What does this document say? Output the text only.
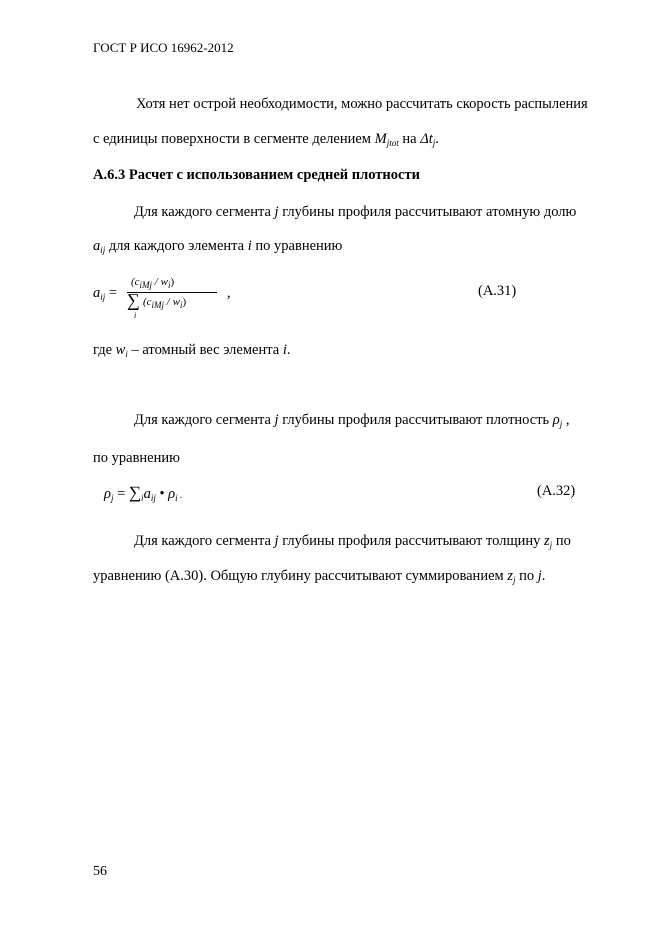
ГОСТ Р ИСО 16962-2012
Хотя нет острой необходимости, можно рассчитать скорость распыления
с единицы поверхности в сегменте делением $M_{jtot}$ на $\Delta t_j$.
А.6.3 Расчет с использованием средней плотности
Для каждого сегмента j глубины профиля рассчитывают атомную долю
$a_{ij}$ для каждого элемента i по уравнению
$a_{ij}$ =
$(c_{iMj} / w_i)$
∑
i
$(c_{iMj} / w_i)$
,	(А.31)
где $w_i$ – атомный вес элемента i.
Для каждого сегмента j глубины профиля рассчитывают плотность $\rho_j$ ,
по уравнению
$\rho_j = \sum_ia_{ij}$ • $\rho_i$ .	(А.32)
Для каждого сегмента j глубины профиля рассчитывают толщину $z_j$ по
уравнению (А.30). Общую глубину рассчитывают суммированием $z_j$ по j.
56
